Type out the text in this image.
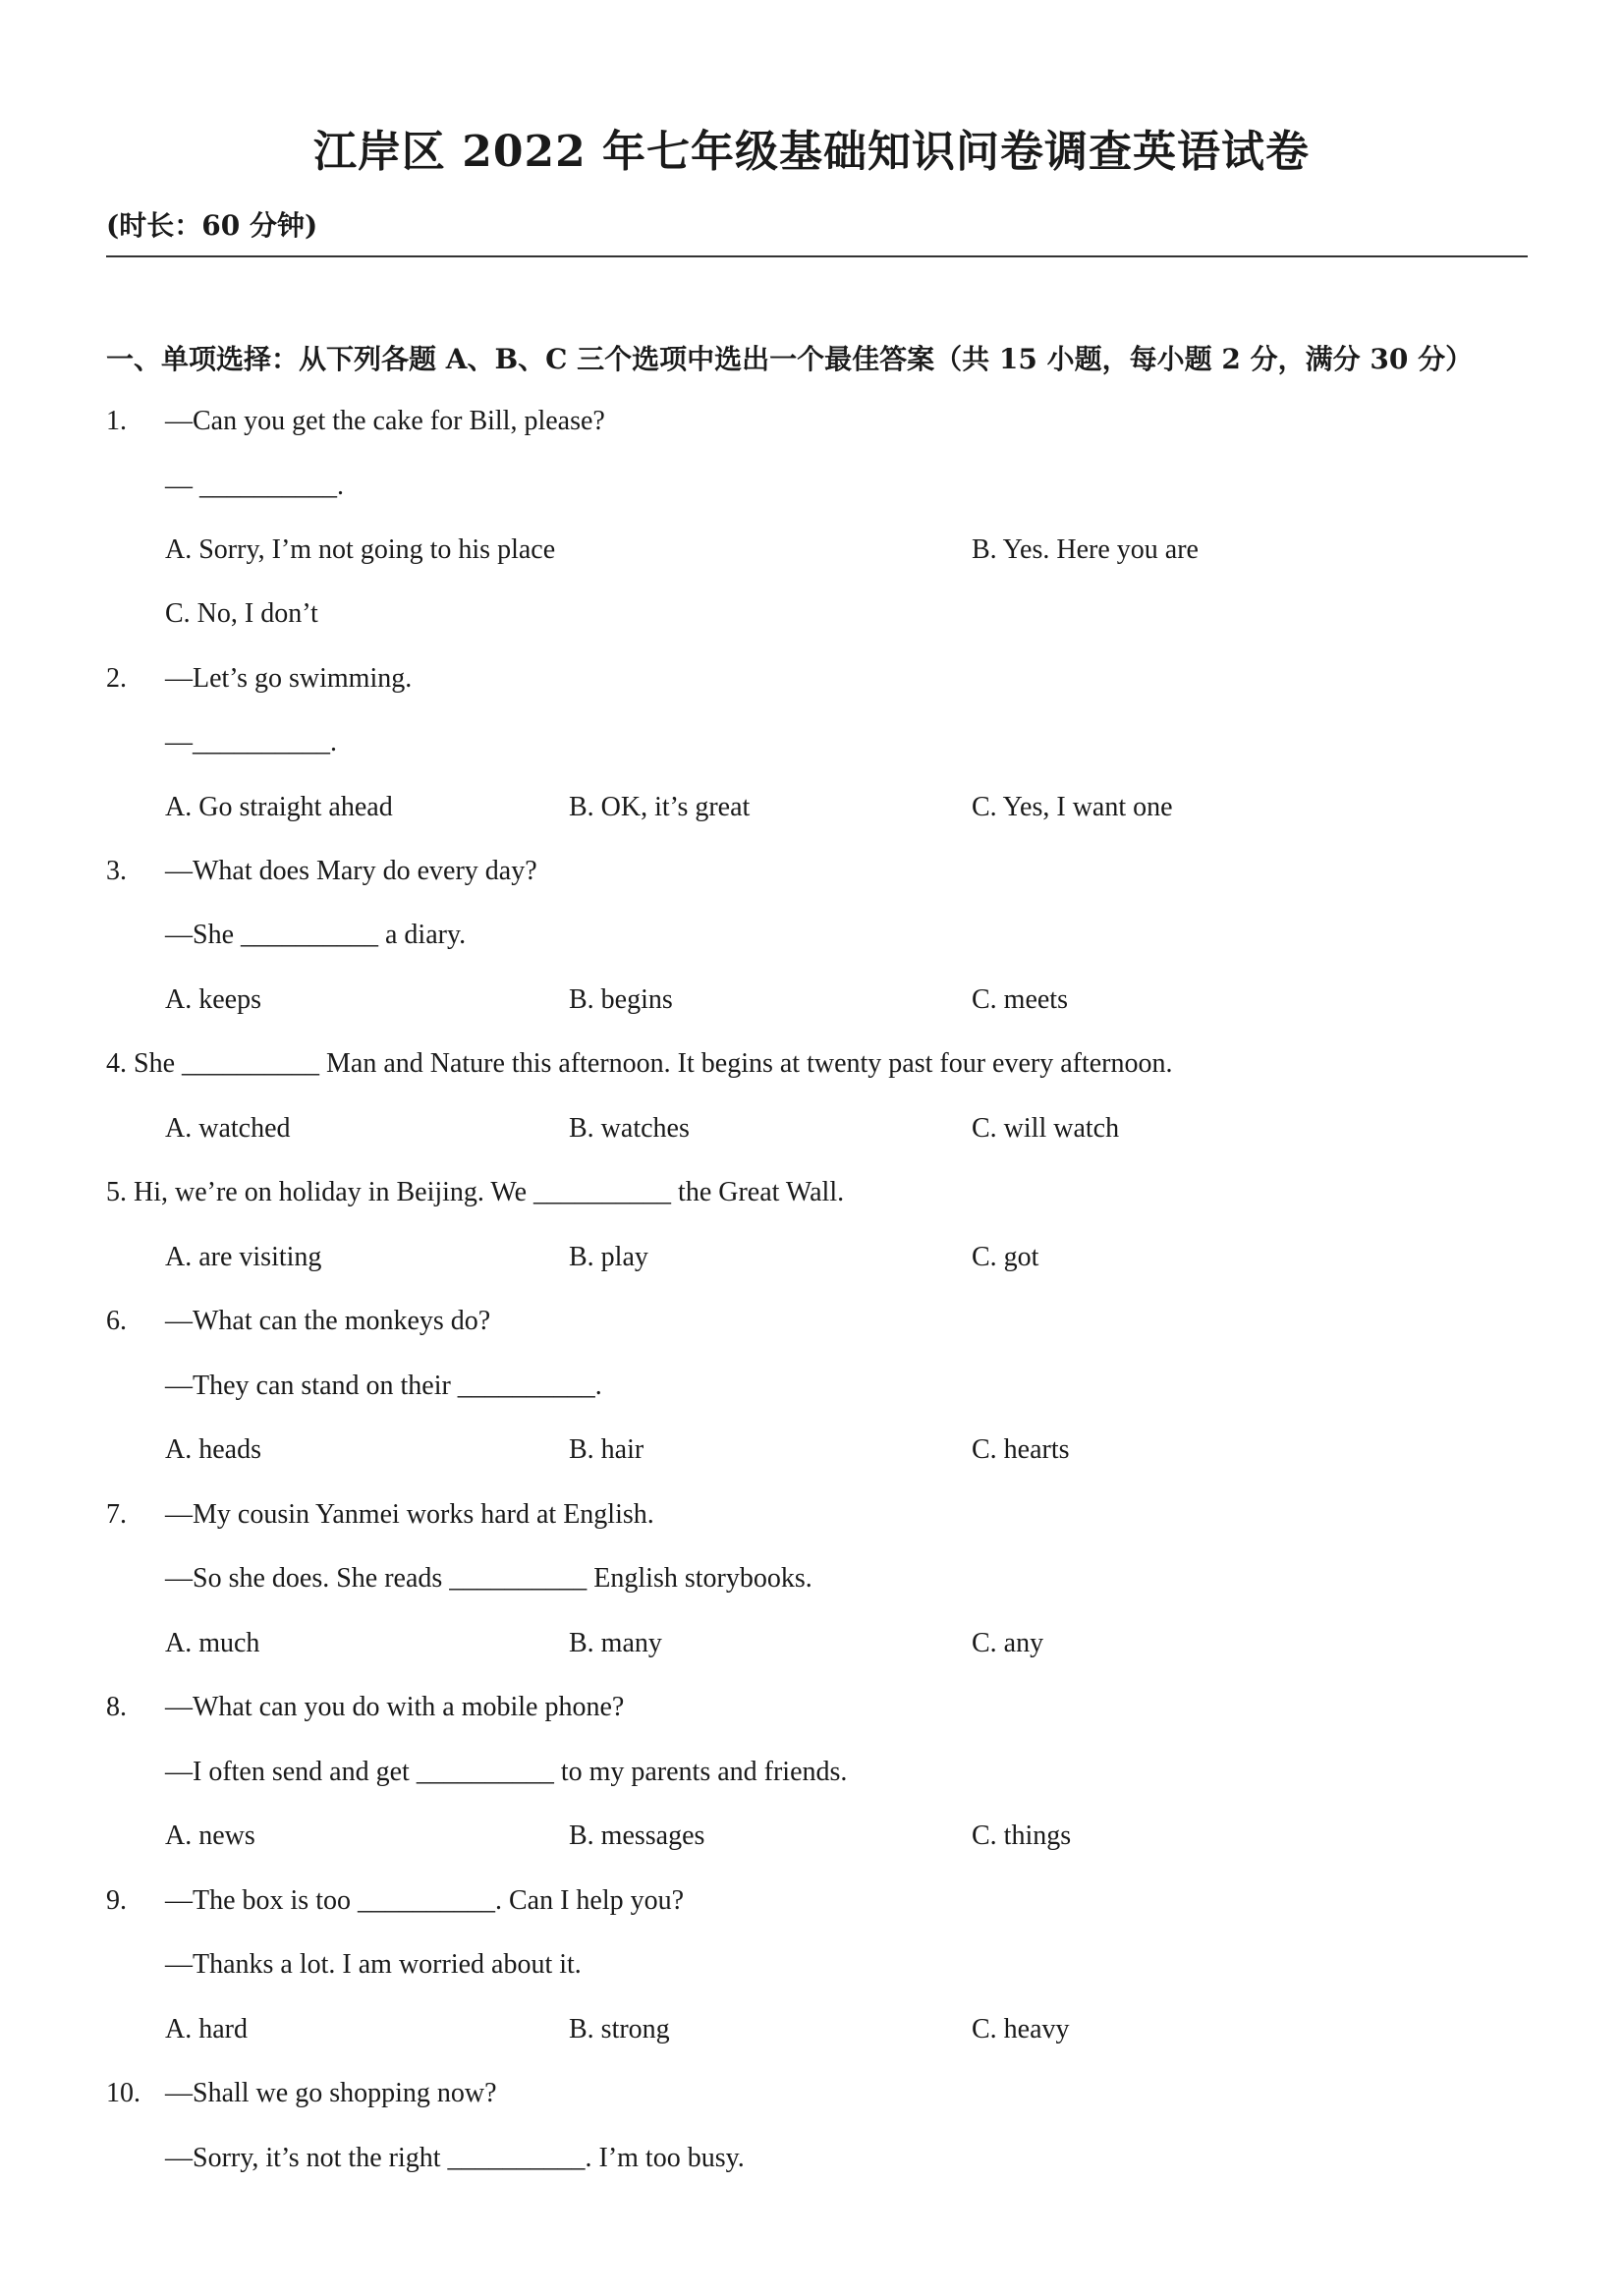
江岸区 2022 年七年级基础知识问卷调查英语试卷
(时长：60 分钟)
一、单项选择：从下列各题 A、B、C 三个选项中选出一个最佳答案（共 15 小题，每小题 2 分，满分 30 分）
1. —Can you get the cake for Bill, please?
— __________.
A. Sorry, I’m not going to his place	B. Yes. Here you are
C. No, I don’t
2. —Let’s go swimming.
—__________.
A. Go straight ahead	B. OK, it’s great	C. Yes, I want one
3. —What does Mary do every day?
—She __________ a diary.
A. keeps	B. begins	C. meets
4. She __________ Man and Nature this afternoon. It begins at twenty past four every afternoon.
A. watched	B. watches	C. will watch
5. Hi, we’re on holiday in Beijing. We __________ the Great Wall.
A. are visiting	B. play	C. got
6. —What can the monkeys do?
—They can stand on their __________.
A. heads	B. hair	C. hearts
7. —My cousin Yanmei works hard at English.
—So she does. She reads __________ English storybooks.
A. much	B. many	C. any
8. —What can you do with a mobile phone?
—I often send and get __________ to my parents and friends.
A. news	B. messages	C. things
9. —The box is too __________. Can I help you?
—Thanks a lot. I am worried about it.
A. hard	B. strong	C. heavy
10. —Shall we go shopping now?
—Sorry, it’s not the right __________. I’m too busy.
